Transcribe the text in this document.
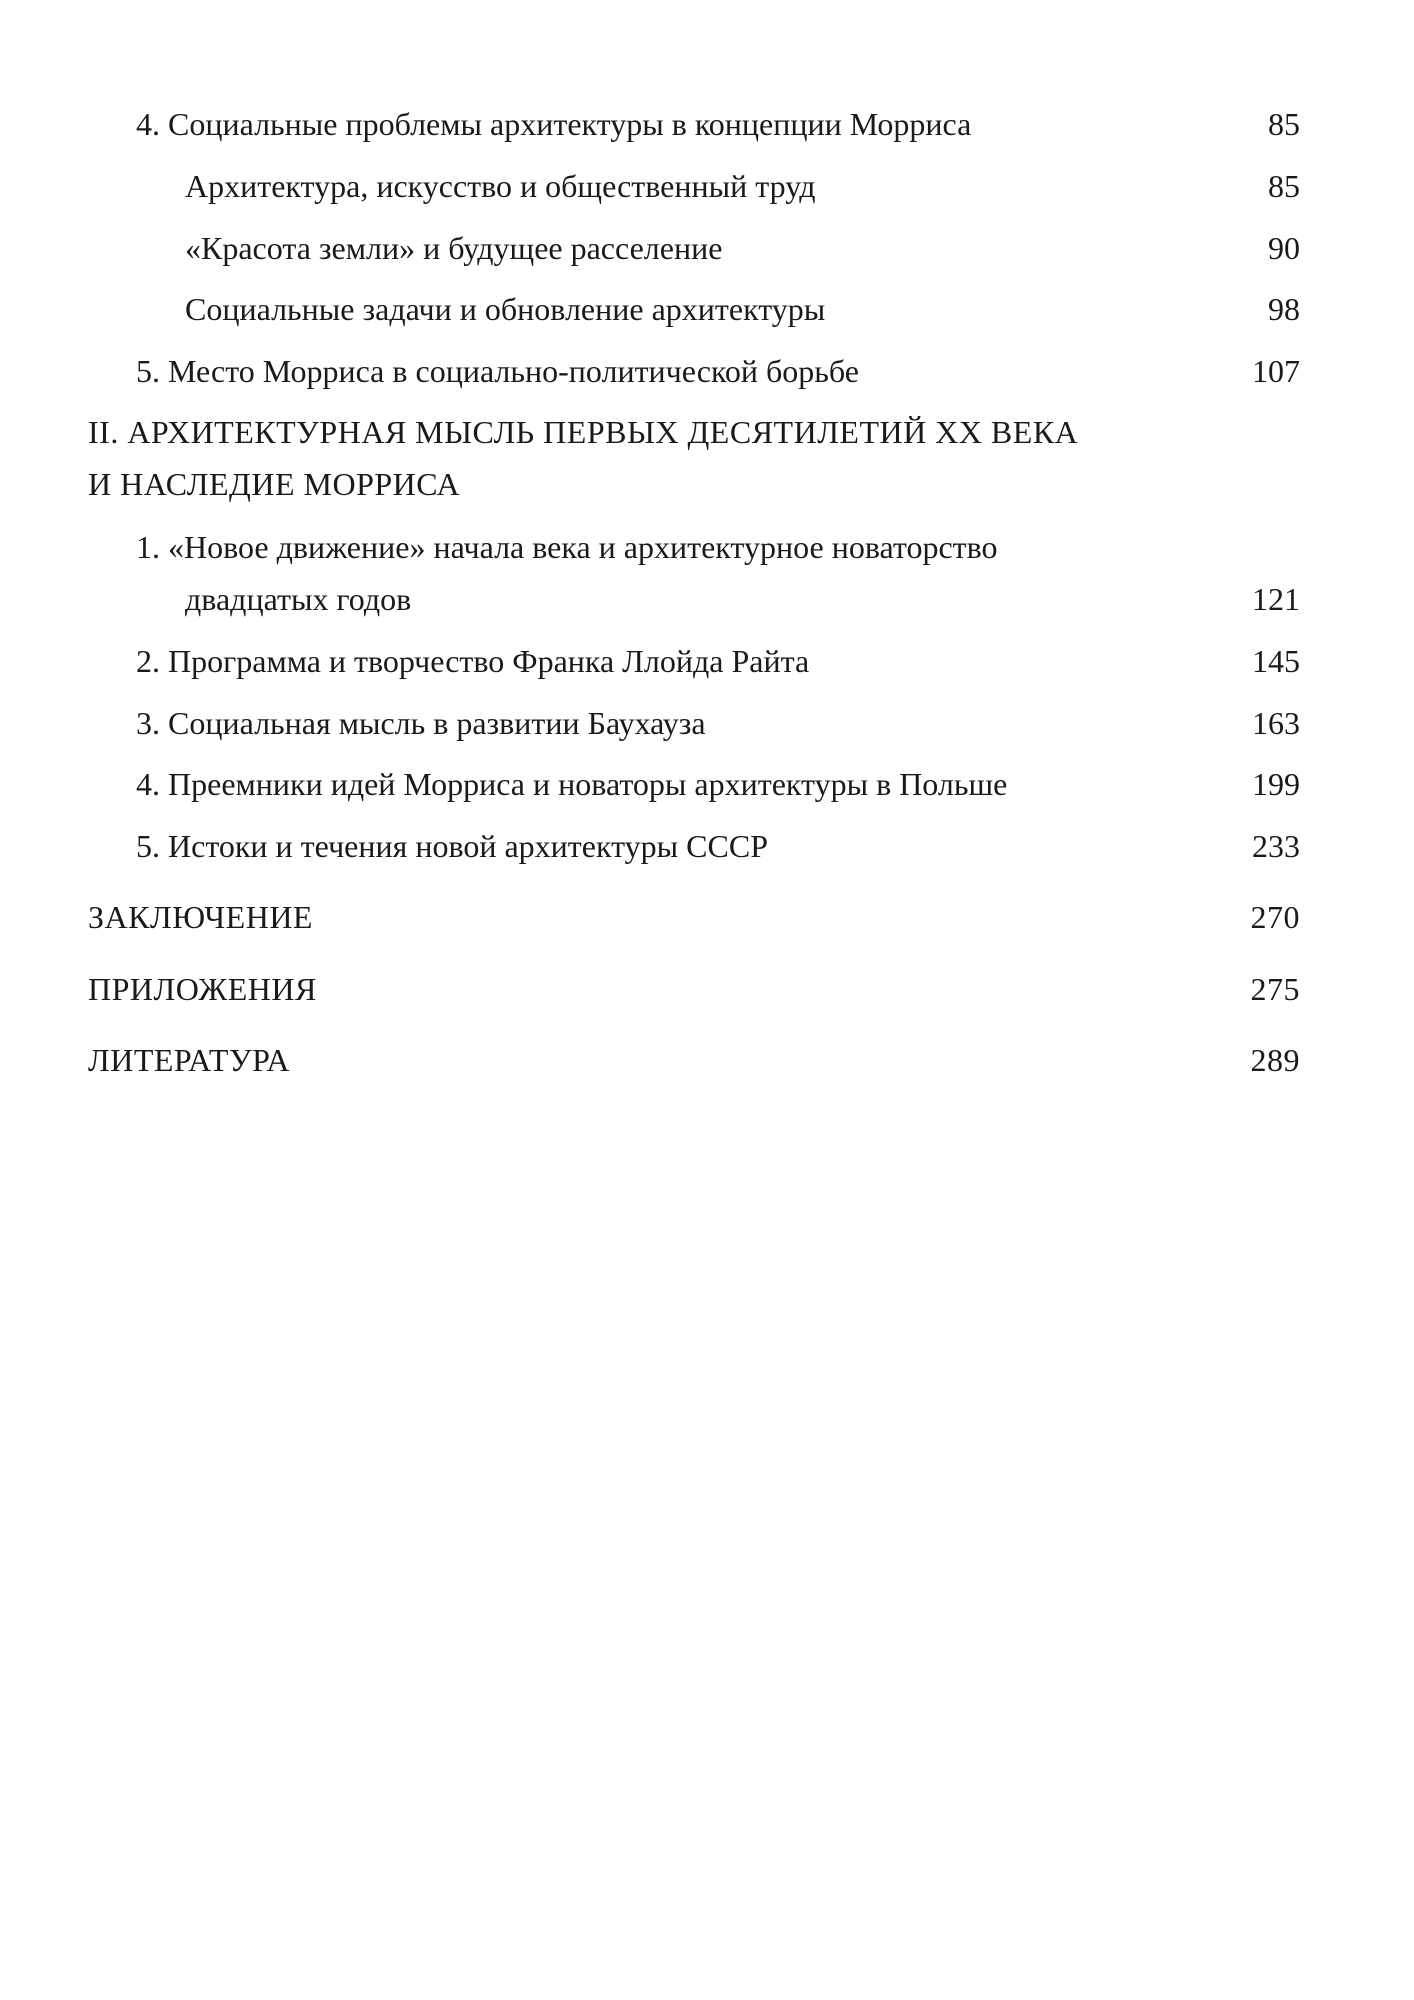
4. Социальные проблемы архитектуры в концепции Морриса	85
Архитектура, искусство и общественный труд	85
«Красота земли» и будущее расселение	90
Социальные задачи и обновление архитектуры	98
5. Место Морриса в социально-политической борьбе	107
II. АРХИТЕКТУРНАЯ МЫСЛЬ ПЕРВЫХ ДЕСЯТИЛЕТИЙ XX ВЕКА
И НАСЛЕДИЕ МОРРИСА
1. «Новое движение» начала века и архитектурное новаторство
двадцатых годов	121
2. Программа и творчество Франка Ллойда Райта	145
3. Социальная мысль в развитии Баухауза	163
4. Преемники идей Морриса и новаторы архитектуры в Польше	199
5. Истоки и течения новой архитектуры СССР	233
ЗАКЛЮЧЕНИЕ	270
ПРИЛОЖЕНИЯ	275
ЛИТЕРАТУРА	289
